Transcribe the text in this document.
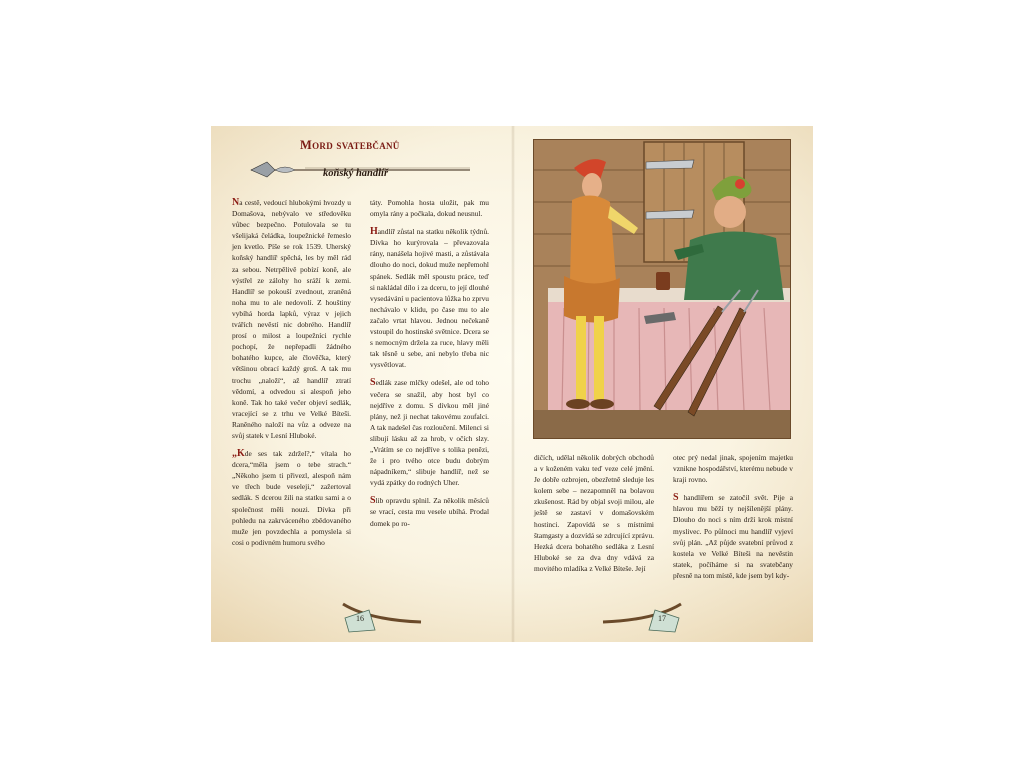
Mord svatebčanů
koňský handlíř

Na cestě, vedoucí hlubokými hvozdy u Domašova, nebývalo ve středověku vůbec bezpečno. Potulovala se tu všelijaká čeládka, loupežnické řemeslo jen kvetlo. Píše se rok 1539. Uherský koňský handlíř spěchá, les by měl rád za sebou. Netrpělivě pobízí koně, ale výstřel ze zálohy ho sráží k zemi. Handlíř se pokouší zvednout, zraněná noha mu to ale nedovolí. Z houštiny vybíhá horda lapků, výraz v jejich tvářích nevěstí nic dobrého. Handlíř prosí o milost a loupežníci rychle pochopí, že nepřepadli žádného bohatého kupce, ale člověčka, který většinou obrací každý groš. A tak mu trochu „naloží“, až handlíř ztratí vědomí, a odvedou si alespoň jeho koně. Tak ho také večer objeví sedlák, vracející se z trhu ve Velké Bíteši. Raněného naloží na vůz a odveze na svůj statek v Lesní Hluboké.

„Kde ses tak zdržel?,“ vítala ho dcera,“měla jsem o tebe strach.“ „Někoho jsem ti přivezl, alespoň nám ve třech bude veseleji,“ zažertoval sedlák. S dcerou žili na statku sami a o společnost měli nouzi. Dívka při pohledu na zakrváceného zbědovaného muže jen povzdechla a pomyslela si cosi o podivném humoru svého

táty. Pomohla hosta uložit, pak mu omyla rány a počkala, dokud neusnul.

Handlíř zůstal na statku několik týdnů. Dívka ho kurýrovala – převazovala rány, nanášela hojivé masti, a zůstávala dlouho do noci, dokud muže nepřemohl spánek. Sedlák měl spoustu práce, teď si nakládal dílo i za dceru, to její dlouhé vysedávání u pacientova lůžka ho zprvu nechávalo v klidu, po čase mu to ale začalo vrtat hlavou. Jednou nečekaně vstoupil do hostinské světnice. Dcera se s nemocným držela za ruce, hlavy měli tak těsně u sebe, ani nebylo třeba nic vysvětlovat.

Sedlák zase mlčky odešel, ale od toho večera se snažil, aby host byl co nejdříve z domu. S dívkou měl jiné plány, než ji nechat takovému zoufalci. A tak nadešel čas rozloučení. Milenci si slíbují lásku až za hrob, v očích slzy. „Vrátím se co nejdříve s tolika penězi, že i pro tvého otce budu dobrým nápadníkem,“ slibuje handlíř, než se vydá zpátky do rodných Uher.

Slib opravdu splnil. Za několik měsíců se vrací, cesta mu vesele ubíhá. Prodal domek po ro-

dičích, udělal několik dobrých obchodů a v koženém vaku teď veze celé jmění. Je dobře ozbrojen, obezřetně sleduje les kolem sebe – nezapomněl na bolavou zkušenost. Rád by objal svoji milou, ale ještě se zastaví v domašovském hostinci. Zapovídá se s místními štamgasty a dozvídá se zdrcující zprávu. Hezká dcera bohatého sedláka z Lesní Hluboké se za dva dny vdává za movitého mladíka z Velké Bíteše. Její

otec prý nedal jinak, spojením majetku vznikne hospodářství, kterému nebude v kraji rovno.

S handlířem se zatočil svět. Pije a hlavou mu běží ty nejšílenější plány. Dlouho do noci s ním drží krok místní myslivec. Po půlnoci mu handlíř vyjeví svůj plán. „Až půjde svatební průvod z kostela ve Velké Bíteši na nevěstin statek, počíháme si na svatebčany přesně na tom místě, kde jsem byl kdy-

16	17
